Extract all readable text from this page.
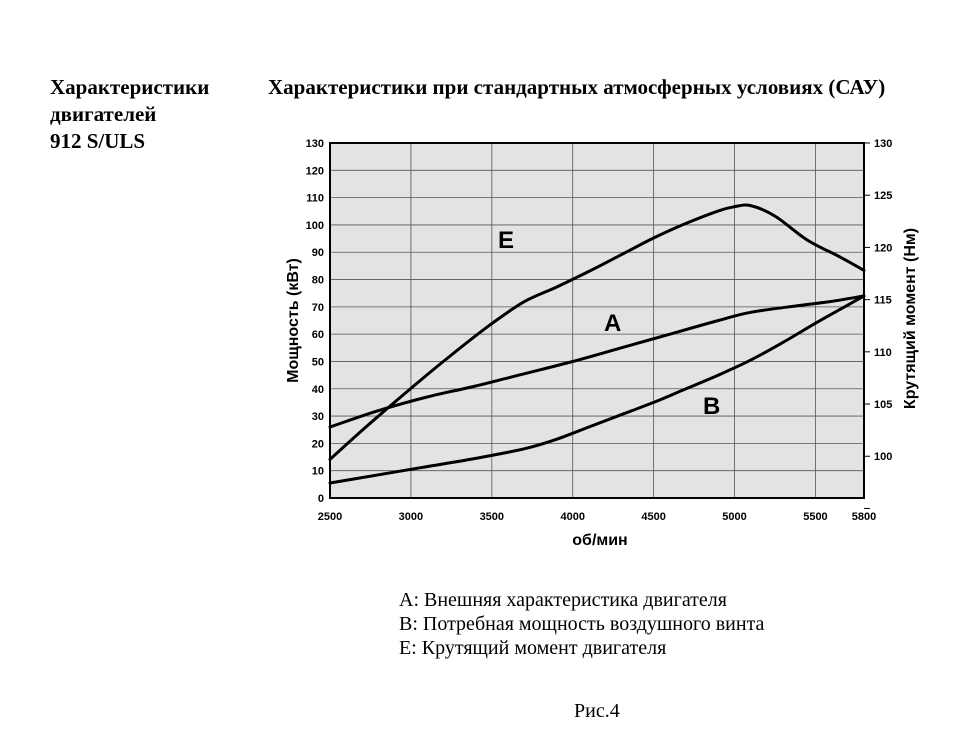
Характеристики
двигателей
912 S/ULS
Характеристики при стандартных атмосферных условиях (САУ)
0
10
20
30
40
50
60
70
80
90
100
110
120
130
100
105
110
115
120
125
130
2500	3000	3500	4000	4500	5000	5500 5800
Мощность (кВт)	Крутящий момент (Нм)
об/мин
E
A
B
A: Внешняя характеристика двигателя
B: Потребная мощность воздушного винта
E: Крутящий момент двигателя
Рис.4
